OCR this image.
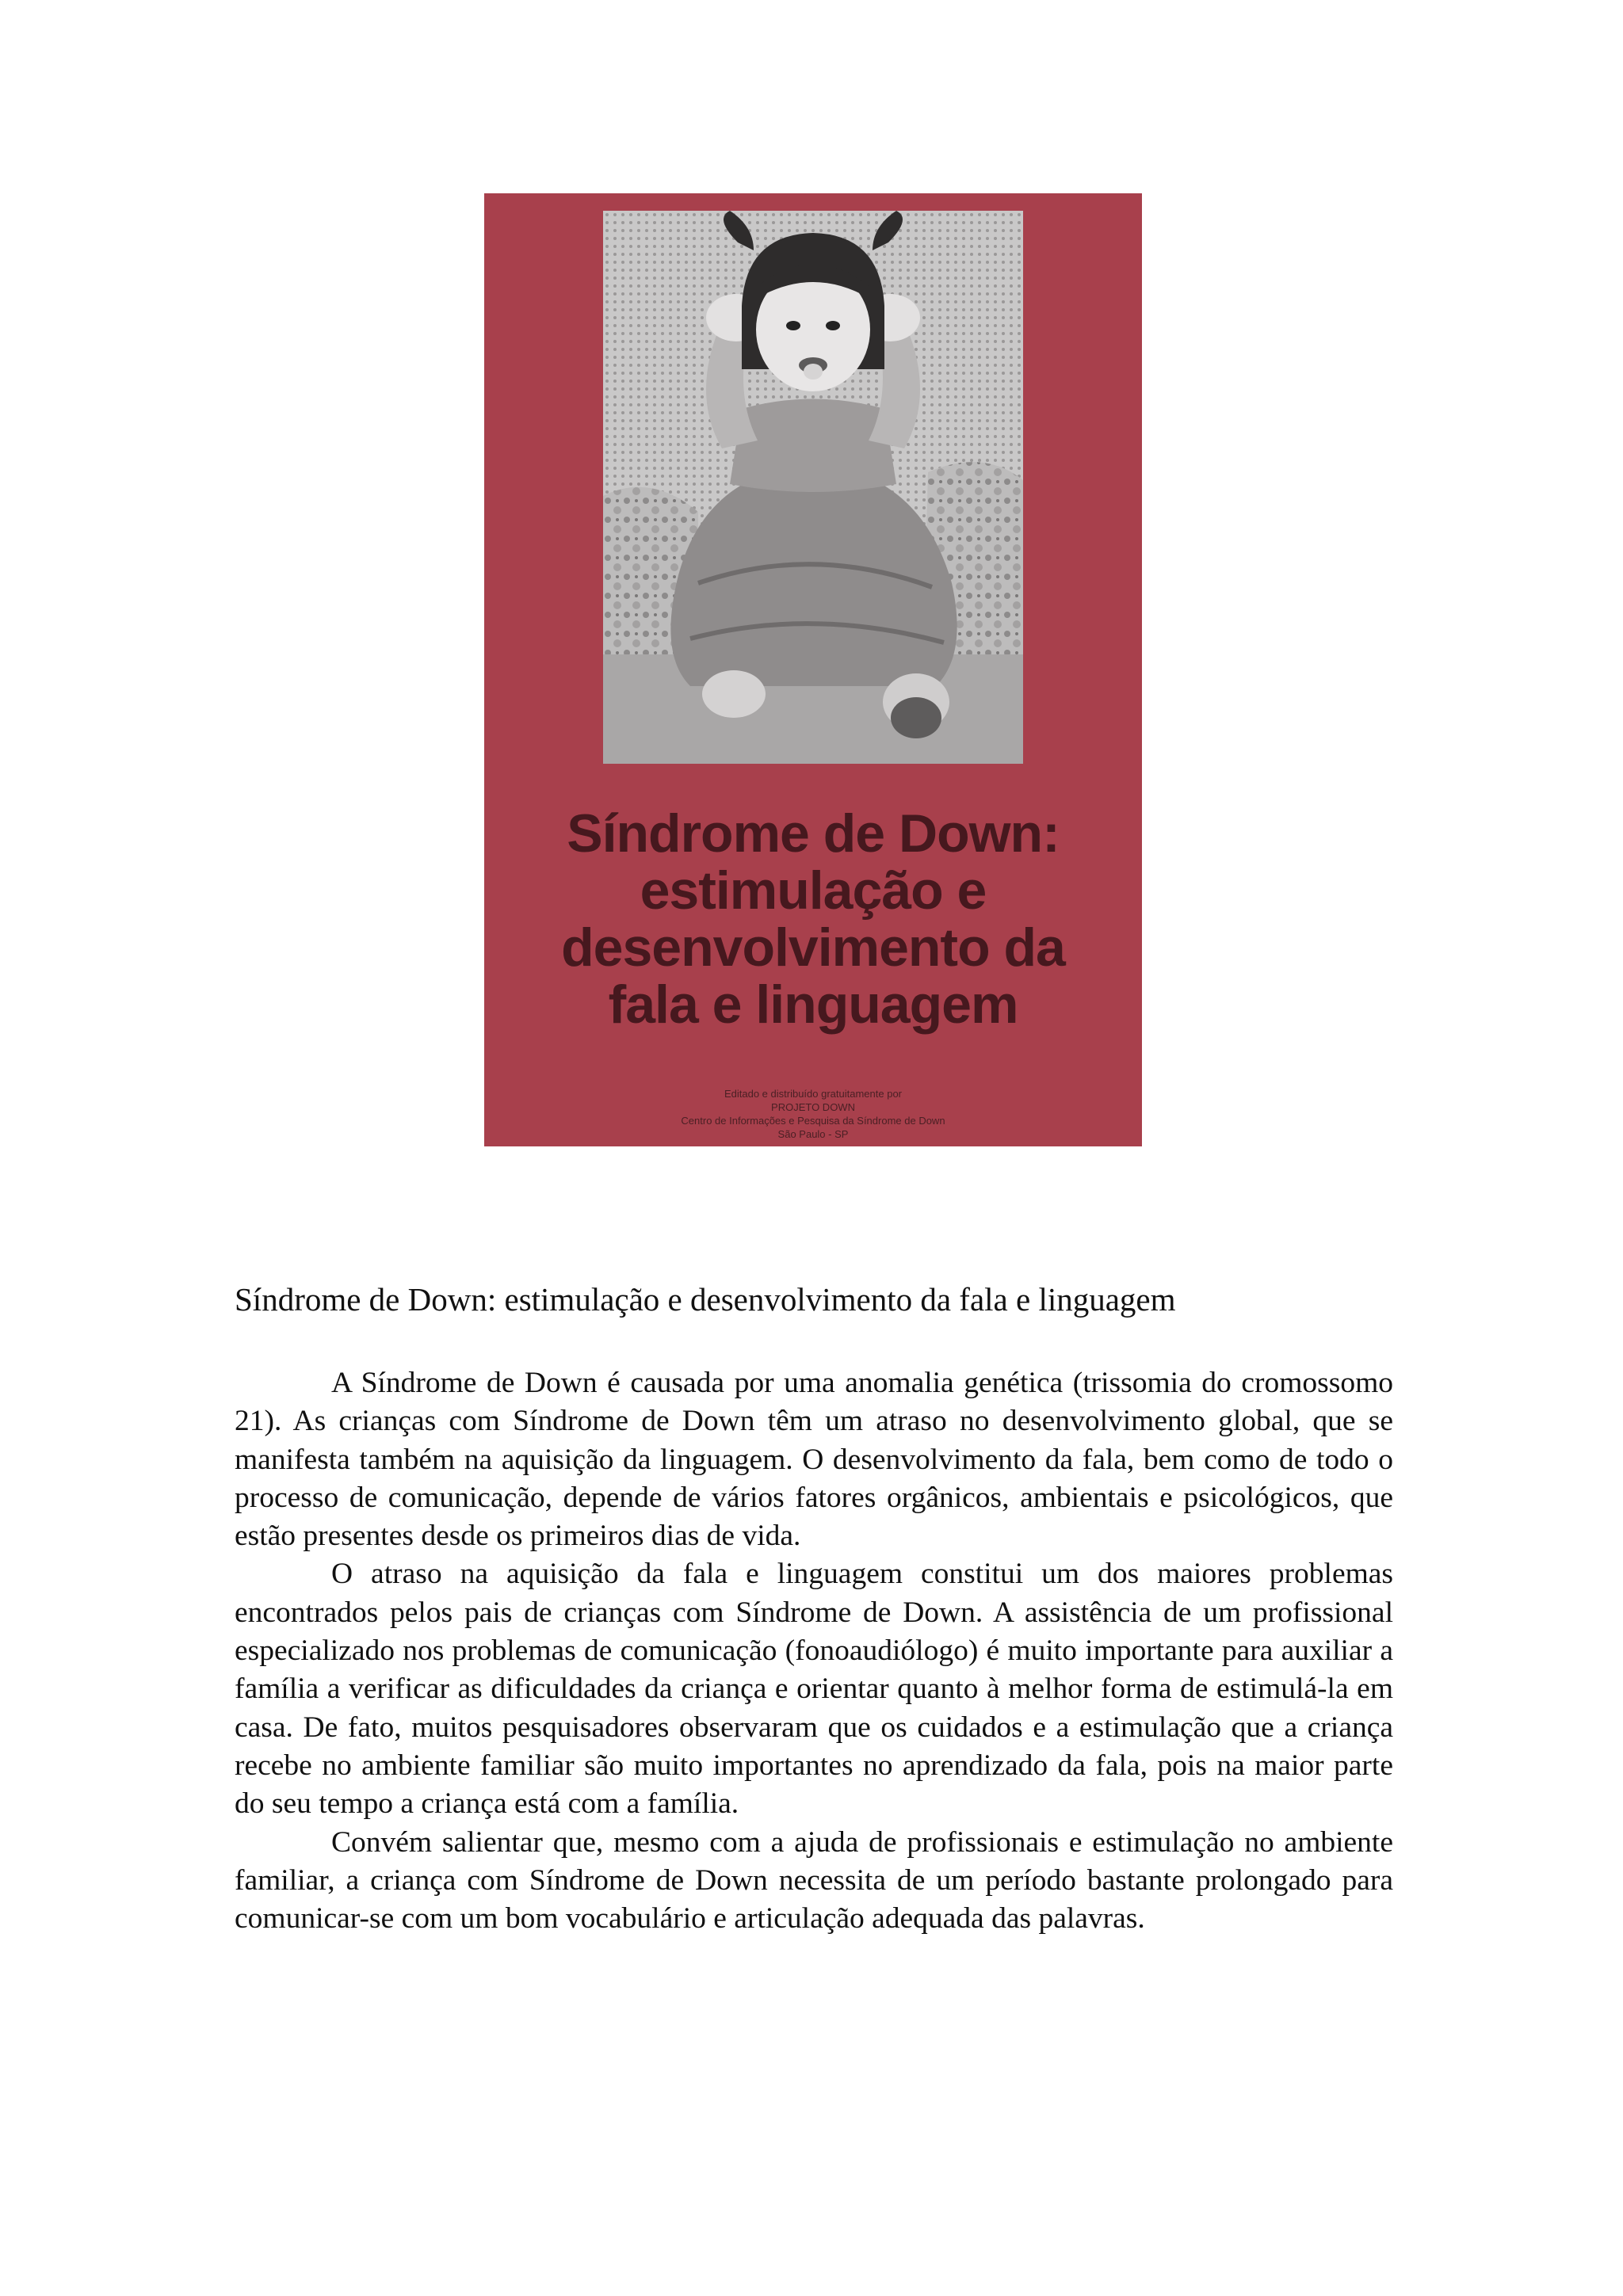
Síndrome de Down:
estimulação e
desenvolvimento da
fala e linguagem
Editado e distribuído gratuitamente por
PROJETO DOWN
Centro de Informações e Pesquisa da Síndrome de Down
São Paulo - SP
Síndrome de Down: estimulação e desenvolvimento da fala e linguagem

A Síndrome de Down é causada por uma anomalia genética (trissomia do cromossomo 21). As crianças com Síndrome de Down têm um atraso no desenvolvimento global, que se manifesta também na aquisição da linguagem. O desenvolvimento da fala, bem como de todo o processo de comunicação, depende de vários fatores orgânicos, ambientais e psicológicos, que estão presentes desde os primeiros dias de vida.

O atraso na aquisição da fala e linguagem constitui um dos maiores problemas encontrados pelos pais de crianças com Síndrome de Down. A assistência de um profissional especializado nos problemas de comunicação (fonoaudiólogo) é muito importante para auxiliar a família a verificar as dificuldades da criança e orientar quanto à melhor forma de estimulá-la em casa. De fato, muitos pesquisadores observaram que os cuidados e a estimulação que a criança recebe no ambiente familiar são muito importantes no aprendizado da fala, pois na maior parte do seu tempo a criança está com a família.

Convém salientar que, mesmo com a ajuda de profissionais e estimulação no ambiente familiar, a criança com Síndrome de Down necessita de um período bastante prolongado para comunicar-se com um bom vocabulário e articulação adequada das palavras.
